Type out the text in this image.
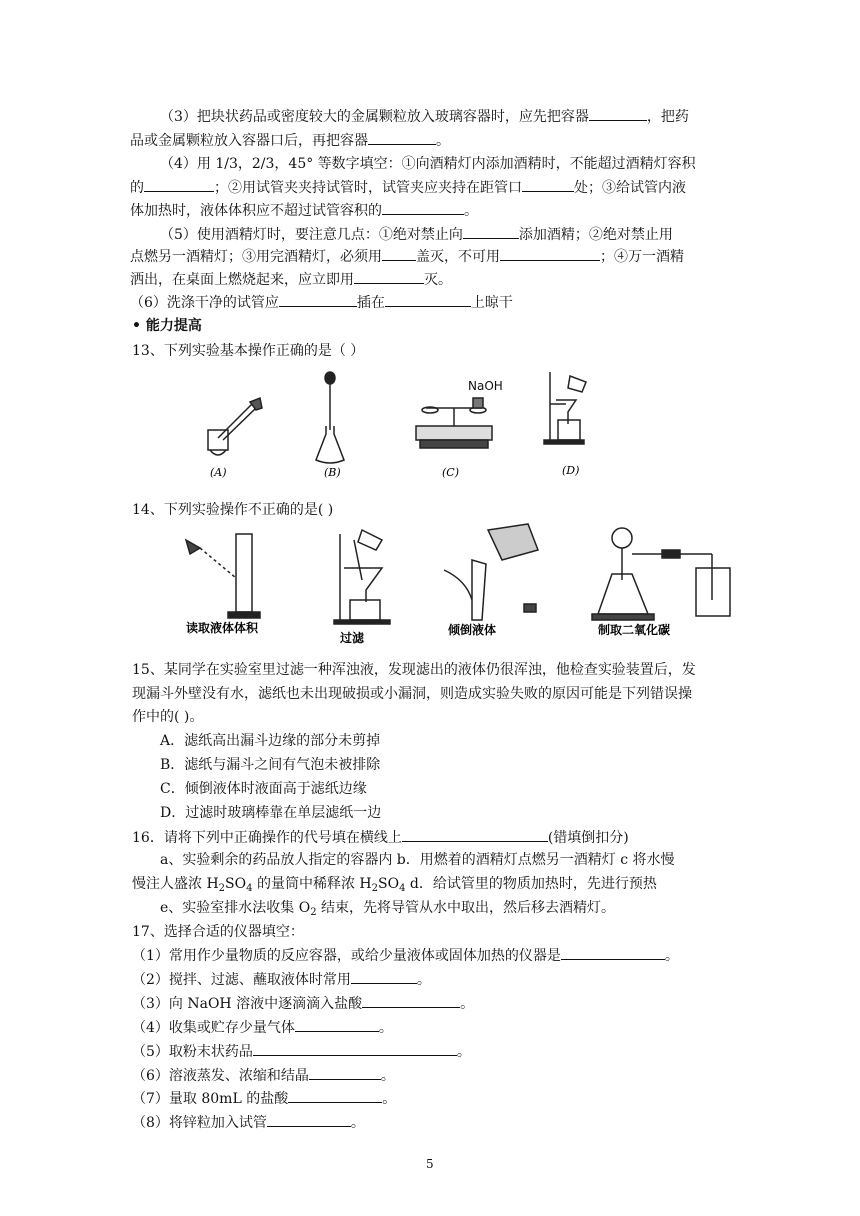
（3）把块状药品或密度较大的金属颗粒放入玻璃容器时，应先把容器	，把药
品或金属颗粒放入容器口后，再把容器	。
（4）用 1/3，2/3，45° 等数字填空：①向酒精灯内添加酒精时，不能超过酒精灯容积
的	；②用试管夹夹持试管时，试管夹应夹持在距管口	处；③给试管内液
体加热时，液体体积应不超过试管容积的	。
（5）使用酒精灯时，要注意几点：①绝对禁止向	添加酒精；②绝对禁止用
点燃另一酒精灯；③用完酒精灯，必须用 盖灭，不可用	；④万一酒精
洒出，在桌面上燃烧起来，应立即用	灭。
（6）洗涤干净的试管应	插在	上晾干
• 能力提高
13、下列实验基本操作正确的是（ ）
NaOH
(A)	(B)	(C)	(D)
14、下列实验操作不正确的是( )
读取液体体积
过滤
倾倒液体	制取二氧化碳
15、某同学在实验室里过滤一种浑浊液，发现滤出的液体仍很浑浊，他检查实验装置后，发
现漏斗外壁没有水，滤纸也未出现破损或小漏洞，则造成实验失败的原因可能是下列错误操
作中的( )。
A．滤纸高出漏斗边缘的部分未剪掉
B．滤纸与漏斗之间有气泡未被排除
C．倾倒液体时液面高于滤纸边缘
D．过滤时玻璃棒靠在单层滤纸一边
16．请将下列中正确操作的代号填在横线上	(错填倒扣分)
a、实验剩余的药品放人指定的容器内 b．用燃着的酒精灯点燃另一酒精灯 c 将水慢
慢注人盛浓 $H_2SO_4$ 的量筒中稀释浓 $H_2SO_4$ d．给试管里的物质加热时，先进行预热
e、实验室排水法收集 $O_2$ 结束，先将导管从水中取出，然后移去酒精灯。
17、选择合适的仪器填空：
（1）常用作少量物质的反应容器，或给少量液体或固体加热的仪器是	。
（2）搅拌、过滤、蘸取液体时常用	。
（3）向 NaOH 溶液中逐滴滴入盐酸	。
（4）收集或贮存少量气体	。
（5）取粉末状药品	。
（6）溶液蒸发、浓缩和结晶	。
（7）量取 80mL 的盐酸	。
（8）将锌粒加入试管	。
5
